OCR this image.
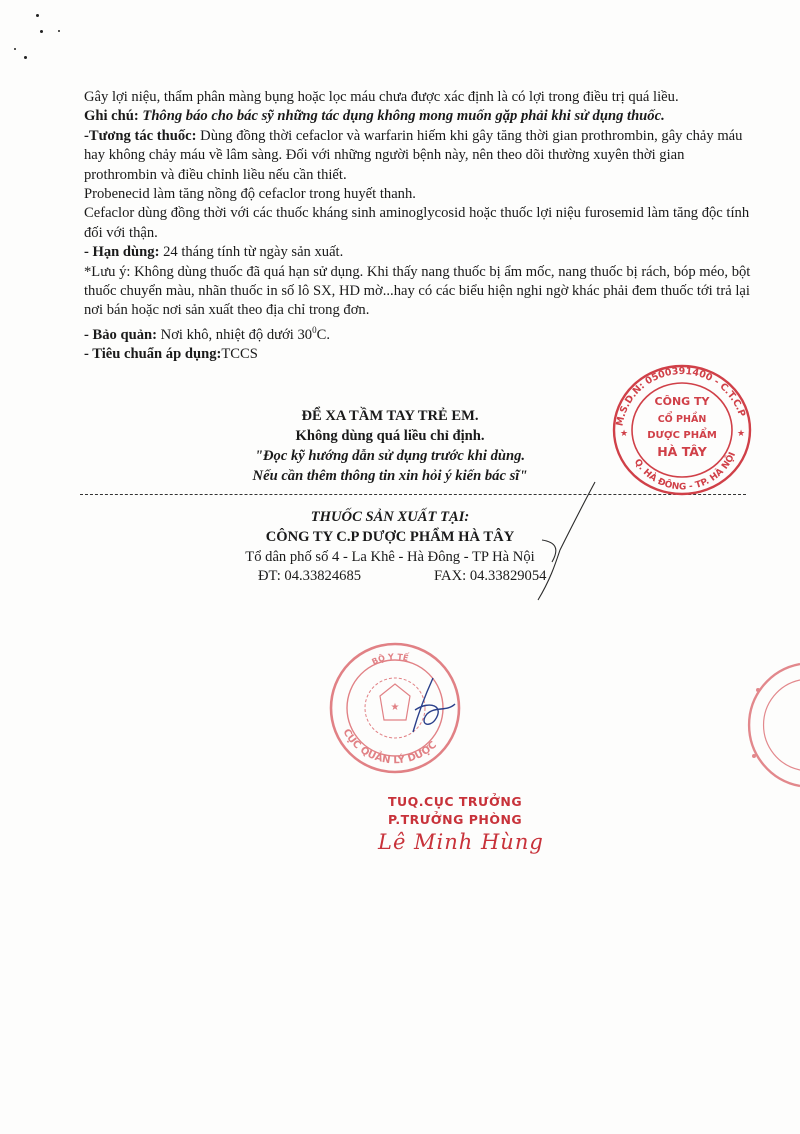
Gây lợi niệu, thẩm phân màng bụng hoặc lọc máu chưa được xác định là có lợi trong điều trị quá liều.

Ghi chú: Thông báo cho bác sỹ những tác dụng không mong muốn gặp phải khi sử dụng thuốc.

-Tương tác thuốc: Dùng đồng thời cefaclor và warfarin hiếm khi gây tăng thời gian prothrombin, gây chảy máu hay không chảy máu về lâm sàng. Đối với những người bệnh này, nên theo dõi thường xuyên thời gian prothrombin và điều chỉnh liều nếu cần thiết.

Probenecid làm tăng nồng độ cefaclor trong huyết thanh.

Cefaclor dùng đồng thời với các thuốc kháng sinh aminoglycosid hoặc thuốc lợi niệu furosemid làm tăng độc tính đối với thận.

- Hạn dùng: 24 tháng tính từ ngày sản xuất.

*Lưu ý: Không dùng thuốc đã quá hạn sử dụng. Khi thấy nang thuốc bị ẩm mốc, nang thuốc bị rách, bóp méo, bột thuốc chuyển màu, nhãn thuốc in số lô SX, HD mờ...hay có các biểu hiện nghi ngờ khác phải đem thuốc tới trả lại nơi bán hoặc nơi sản xuất theo địa chỉ trong đơn.

- Bảo quản: Nơi khô, nhiệt độ dưới $30^0C$.

- Tiêu chuẩn áp dụng:TCCS

ĐỂ XA TẦM TAY TRẺ EM.
Không dùng quá liều chỉ định.
"Đọc kỹ hướng dẫn sử dụng trước khi dùng.
Nếu cần thêm thông tin xin hỏi ý kiến bác sĩ"
THUỐC SẢN XUẤT TẠI:
CÔNG TY C.P DƯỢC PHẨM HÀ TÂY
Tổ dân phố số 4 - La Khê - Hà Đông - TP Hà Nội
ĐT: 04.33824685	FAX: 04.33829054
M.S.D.N: 0500391400 - C.T.C.P
Q. HÀ ĐÔNG - TP. HÀ NỘI
CÔNG TY
CỔ PHẦN
DƯỢC PHẨM
HÀ TÂY
★	★
★
CỤC QUẢN LÝ DƯỢC
BỘ Y TẾ
TUQ.CỤC TRƯỞNG
P.TRƯỞNG PHÒNG
Lê Minh Hùng
